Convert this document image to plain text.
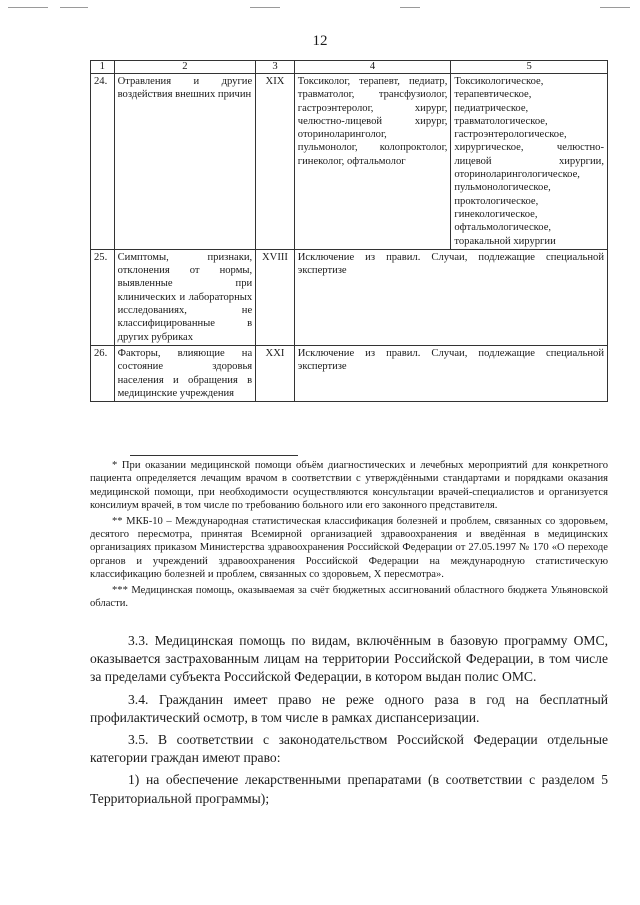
12
1	2	3	4	5
24.	Отравления и другие воздействия внешних причин	XIX	Токсиколог, терапевт, педиатр, травматолог, трансфузиолог, гастроэнтеролог, хирург, челюстно-лицевой хирург, оториноларинголог, пульмонолог, колопроктолог, гинеколог, офтальмолог	Токсикологическое, терапевтическое, педиатрическое, травматологическое, гастроэнтерологическое, хирургическое, челюстно-лицевой хирургии, оториноларингологическое, пульмонологическое, проктологическое, гинекологическое, офтальмологическое, торакальной хирургии
25.	Симптомы, признаки, отклонения от нормы, выявленные при клинических и лабораторных исследованиях, не классифицированные в других рубриках	XVIII	Исключение из правил. Случаи, подлежащие специальной экспертизе	
26.	Факторы, влияющие на состояние здоровья населения и обращения в медицинские учреждения	XXI	Исключение из правил. Случаи, подлежащие специальной экспертизе	

* При оказании медицинской помощи объём диагностических и лечебных мероприятий для конкретного пациента определяется лечащим врачом в соответствии с утверждёнными стандартами и порядками оказания медицинской помощи, при необходимости осуществляются консультации врачей-специалистов и организуется консилиум врачей, в том числе по требованию больного или его законного представителя.

** МКБ-10 – Международная статистическая классификация болезней и проблем, связанных со здоровьем, десятого пересмотра, принятая Всемирной организацией здравоохранения и введённая в медицинских организациях приказом Министерства здравоохранения Российской Федерации от 27.05.1997 № 170 «О переходе органов и учреждений здравоохранения Российской Федерации на международную статистическую классификацию болезней и проблем, связанных со здоровьем, X пересмотра».

*** Медицинская помощь, оказываемая за счёт бюджетных ассигнований областного бюджета Ульяновской области.

3.3. Медицинская помощь по видам, включённым в базовую программу ОМС, оказывается застрахованным лицам на территории Российской Федерации, в том числе за пределами субъекта Российской Федерации, в котором выдан полис ОМС.

3.4. Гражданин имеет право не реже одного раза в год на бесплатный профилактический осмотр, в том числе в рамках диспансеризации.

3.5. В соответствии с законодательством Российской Федерации отдельные категории граждан имеют право:

1) на обеспечение лекарственными препаратами (в соответствии с разделом 5 Территориальной программы);
